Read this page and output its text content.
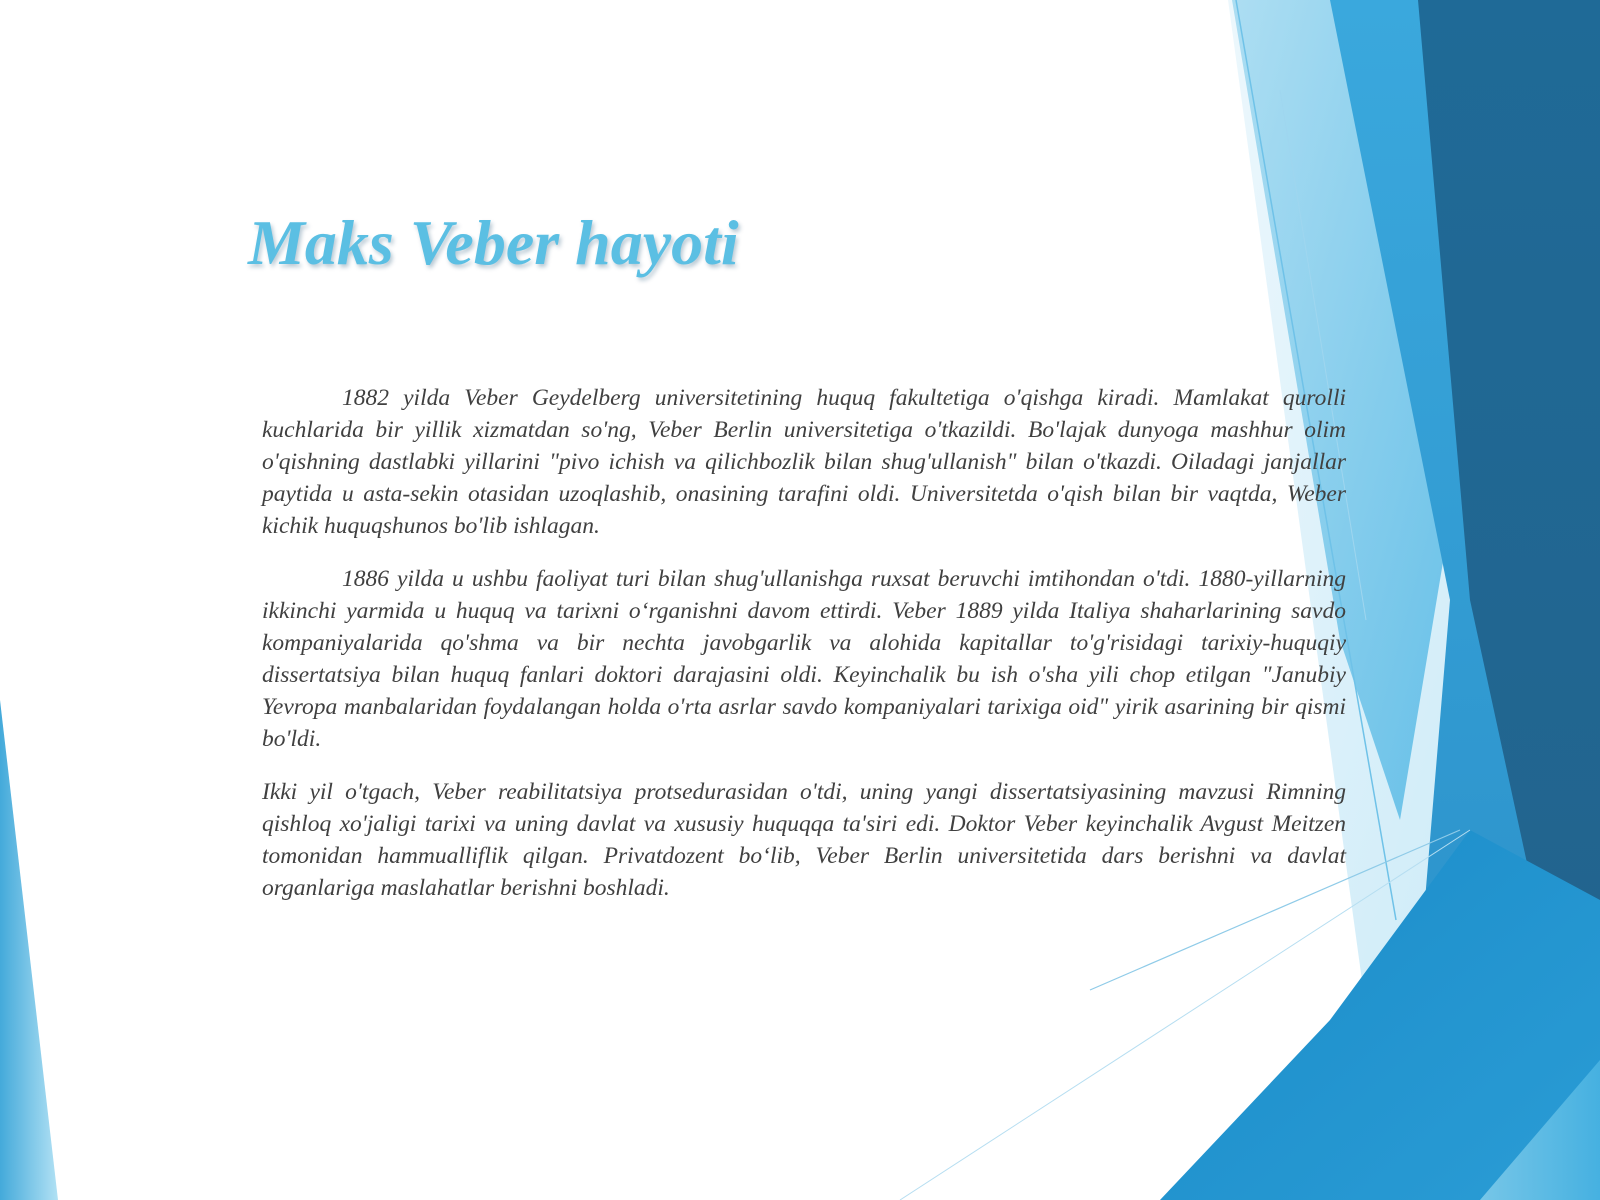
Maks Veber hayoti

1882 yilda Veber Geydelberg universitetining huquq fakultetiga o'qishga kiradi. Mamlakat qurolli kuchlarida bir yillik xizmatdan so'ng, Veber Berlin universitetiga o'tkazildi. Bo'lajak dunyoga mashhur olim o'qishning dastlabki yillarini "pivo ichish va qilichbozlik bilan shug'ullanish" bilan o'tkazdi. Oiladagi janjallar paytida u asta-sekin otasidan uzoqlashib, onasining tarafini oldi. Universitetda o'qish bilan bir vaqtda, Weber kichik huquqshunos bo'lib ishlagan.

1886 yilda u ushbu faoliyat turi bilan shug'ullanishga ruxsat beruvchi imtihondan o'tdi. 1880-yillarning ikkinchi yarmida u huquq va tarixni o‘rganishni davom ettirdi. Veber 1889 yilda Italiya shaharlarining savdo kompaniyalarida qo'shma va bir nechta javobgarlik va alohida kapitallar to'g'risidagi tarixiy-huquqiy dissertatsiya bilan huquq fanlari doktori darajasini oldi. Keyinchalik bu ish o'sha yili chop etilgan "Janubiy Yevropa manbalaridan foydalangan holda o'rta asrlar savdo kompaniyalari tarixiga oid" yirik asarining bir qismi bo'ldi.

Ikki yil o'tgach, Veber reabilitatsiya protsedurasidan o'tdi, uning yangi dissertatsiyasining mavzusi Rimning qishloq xo'jaligi tarixi va uning davlat va xususiy huquqqa ta'siri edi. Doktor Veber keyinchalik Avgust Meitzen tomonidan hammualliflik qilgan. Privatdozent bo‘lib, Veber Berlin universitetida dars berishni va davlat organlariga maslahatlar berishni boshladi.
